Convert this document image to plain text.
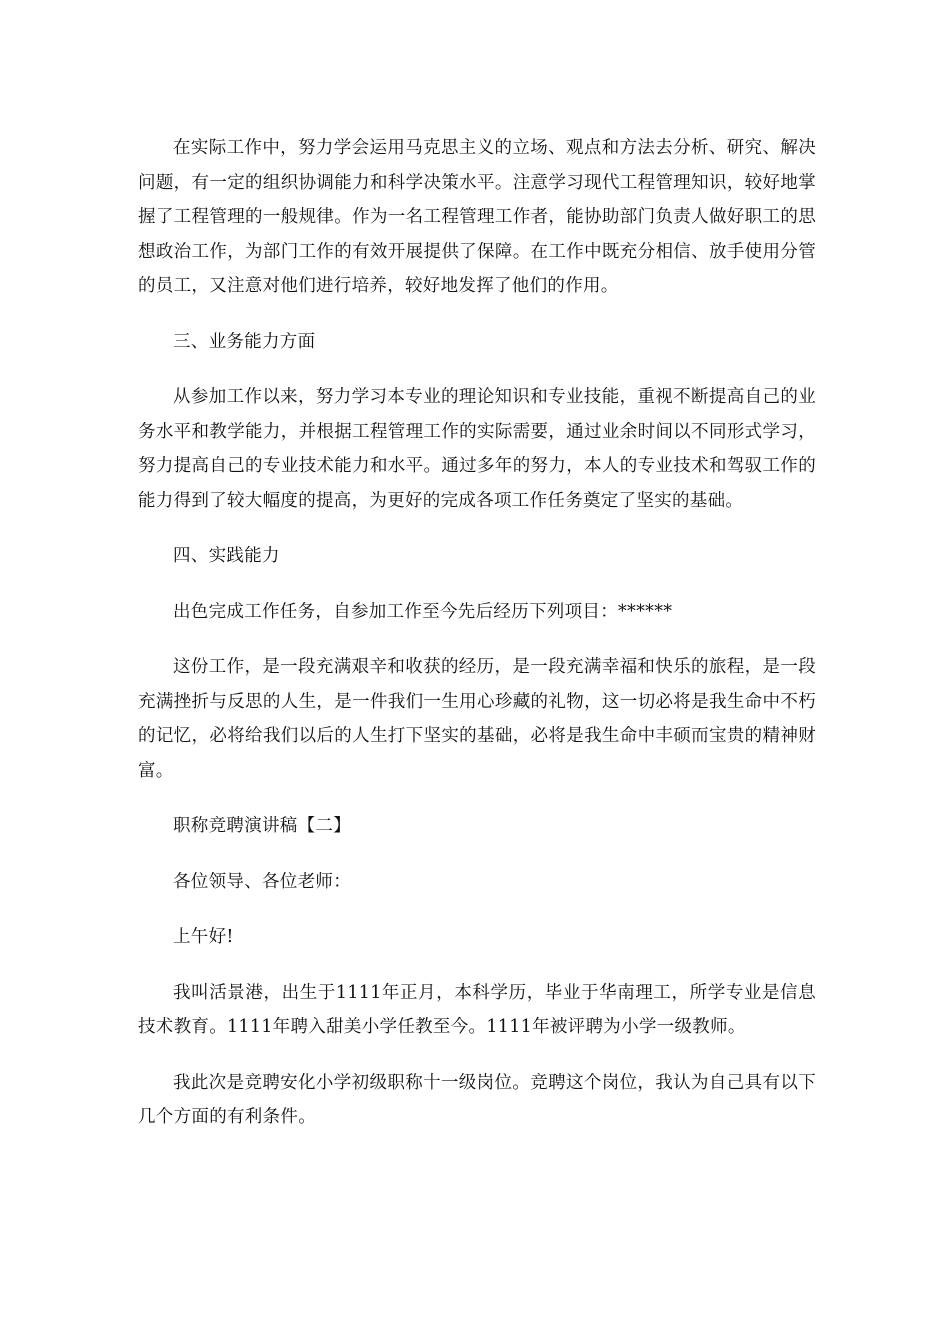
在实际工作中，努力学会运用马克思主义的立场、观点和方法去分析、研究、解决问题，有一定的组织协调能力和科学决策水平。注意学习现代工程管理知识，较好地掌握了工程管理的一般规律。作为一名工程管理工作者，能协助部门负责人做好职工的思想政治工作，为部门工作的有效开展提供了保障。在工作中既充分相信、放手使用分管的员工，又注意对他们进行培养，较好地发挥了他们的作用。

三、业务能力方面

从参加工作以来，努力学习本专业的理论知识和专业技能，重视不断提高自己的业务水平和教学能力，并根据工程管理工作的实际需要，通过业余时间以不同形式学习，努力提高自己的专业技术能力和水平。通过多年的努力，本人的专业技术和驾驭工作的能力得到了较大幅度的提高，为更好的完成各项工作任务奠定了坚实的基础。

四、实践能力

出色完成工作任务，自参加工作至今先后经历下列项目：******

这份工作，是一段充满艰辛和收获的经历，是一段充满幸福和快乐的旅程，是一段充满挫折与反思的人生，是一件我们一生用心珍藏的礼物，这一切必将是我生命中不朽的记忆，必将给我们以后的人生打下坚实的基础，必将是我生命中丰硕而宝贵的精神财富。

职称竞聘演讲稿【二】

各位领导、各位老师：

上午好!

我叫活景港，出生于1111年正月，本科学历，毕业于华南理工，所学专业是信息技术教育。1111年聘入甜美小学任教至今。1111年被评聘为小学一级教师。

我此次是竞聘安化小学初级职称十一级岗位。竞聘这个岗位，我认为自己具有以下几个方面的有利条件。
